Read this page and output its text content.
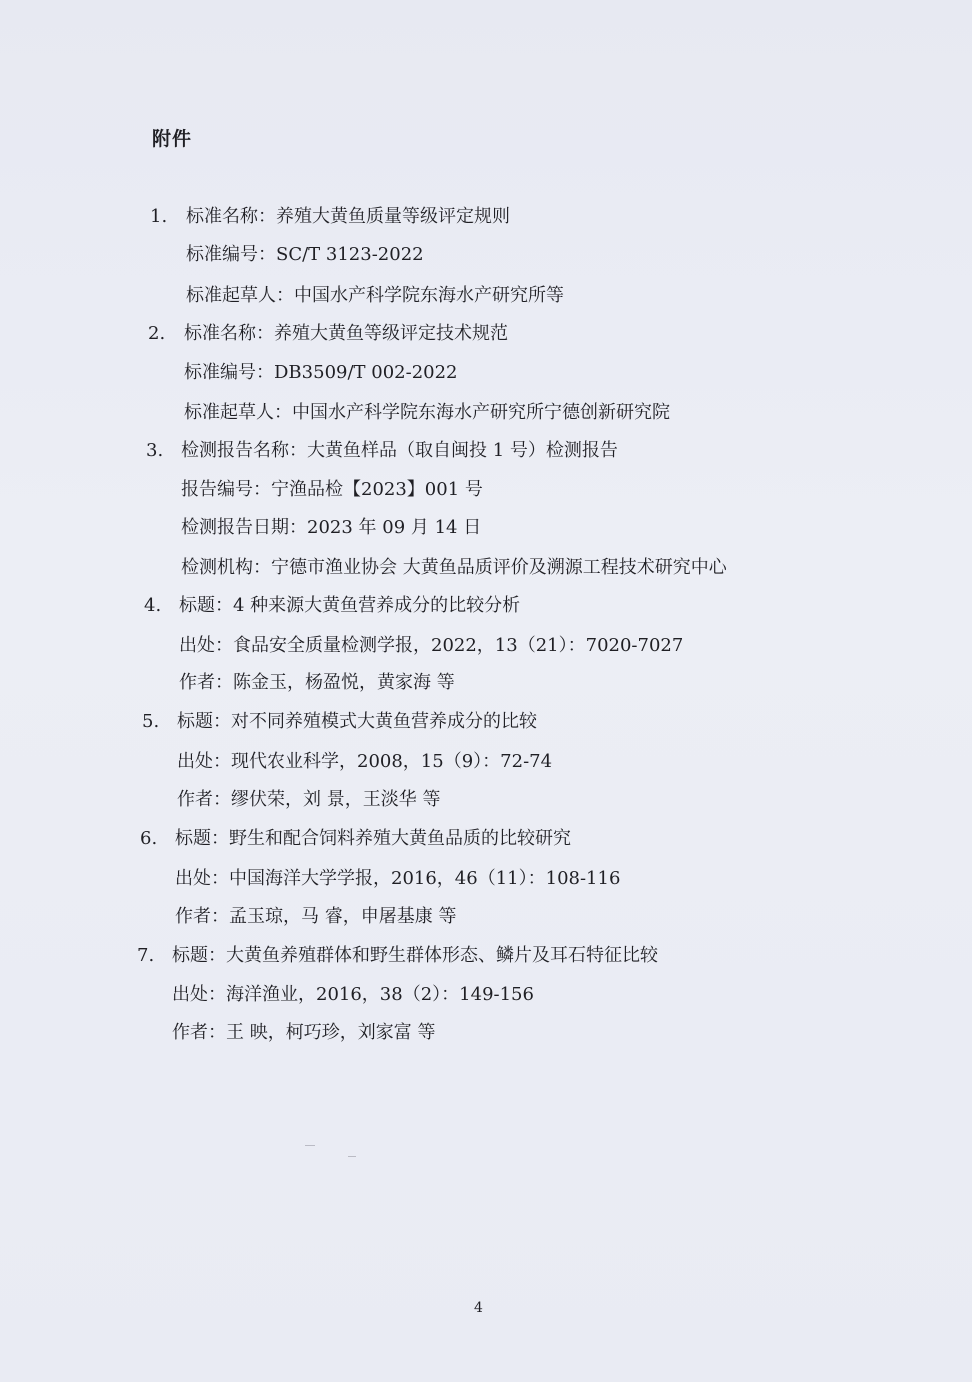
附件
1. 标准名称：养殖大黄鱼质量等级评定规则
标准编号：SC/T 3123-2022
标准起草人：中国水产科学院东海水产研究所等
2. 标准名称：养殖大黄鱼等级评定技术规范
标准编号：DB3509/T 002-2022
标准起草人：中国水产科学院东海水产研究所宁德创新研究院
3. 检测报告名称：大黄鱼样品（取自闽投 1 号）检测报告
报告编号：宁渔品检【2023】001 号
检测报告日期：2023 年 09 月 14 日
检测机构：宁德市渔业协会 大黄鱼品质评价及溯源工程技术研究中心
4. 标题：4 种来源大黄鱼营养成分的比较分析
出处：食品安全质量检测学报，2022，13（21）：7020-7027
作者：陈金玉，杨盈悦，黄家海 等
5. 标题：对不同养殖模式大黄鱼营养成分的比较
出处：现代农业科学，2008，15（9）：72-74
作者：缪伏荣，刘 景，王淡华 等
6. 标题：野生和配合饲料养殖大黄鱼品质的比较研究
出处：中国海洋大学学报，2016，46（11）：108-116
作者：孟玉琼，马 睿，申屠基康 等
7. 标题：大黄鱼养殖群体和野生群体形态、鳞片及耳石特征比较
出处：海洋渔业，2016，38（2）：149-156
作者：王 映，柯巧珍，刘家富 等
4
